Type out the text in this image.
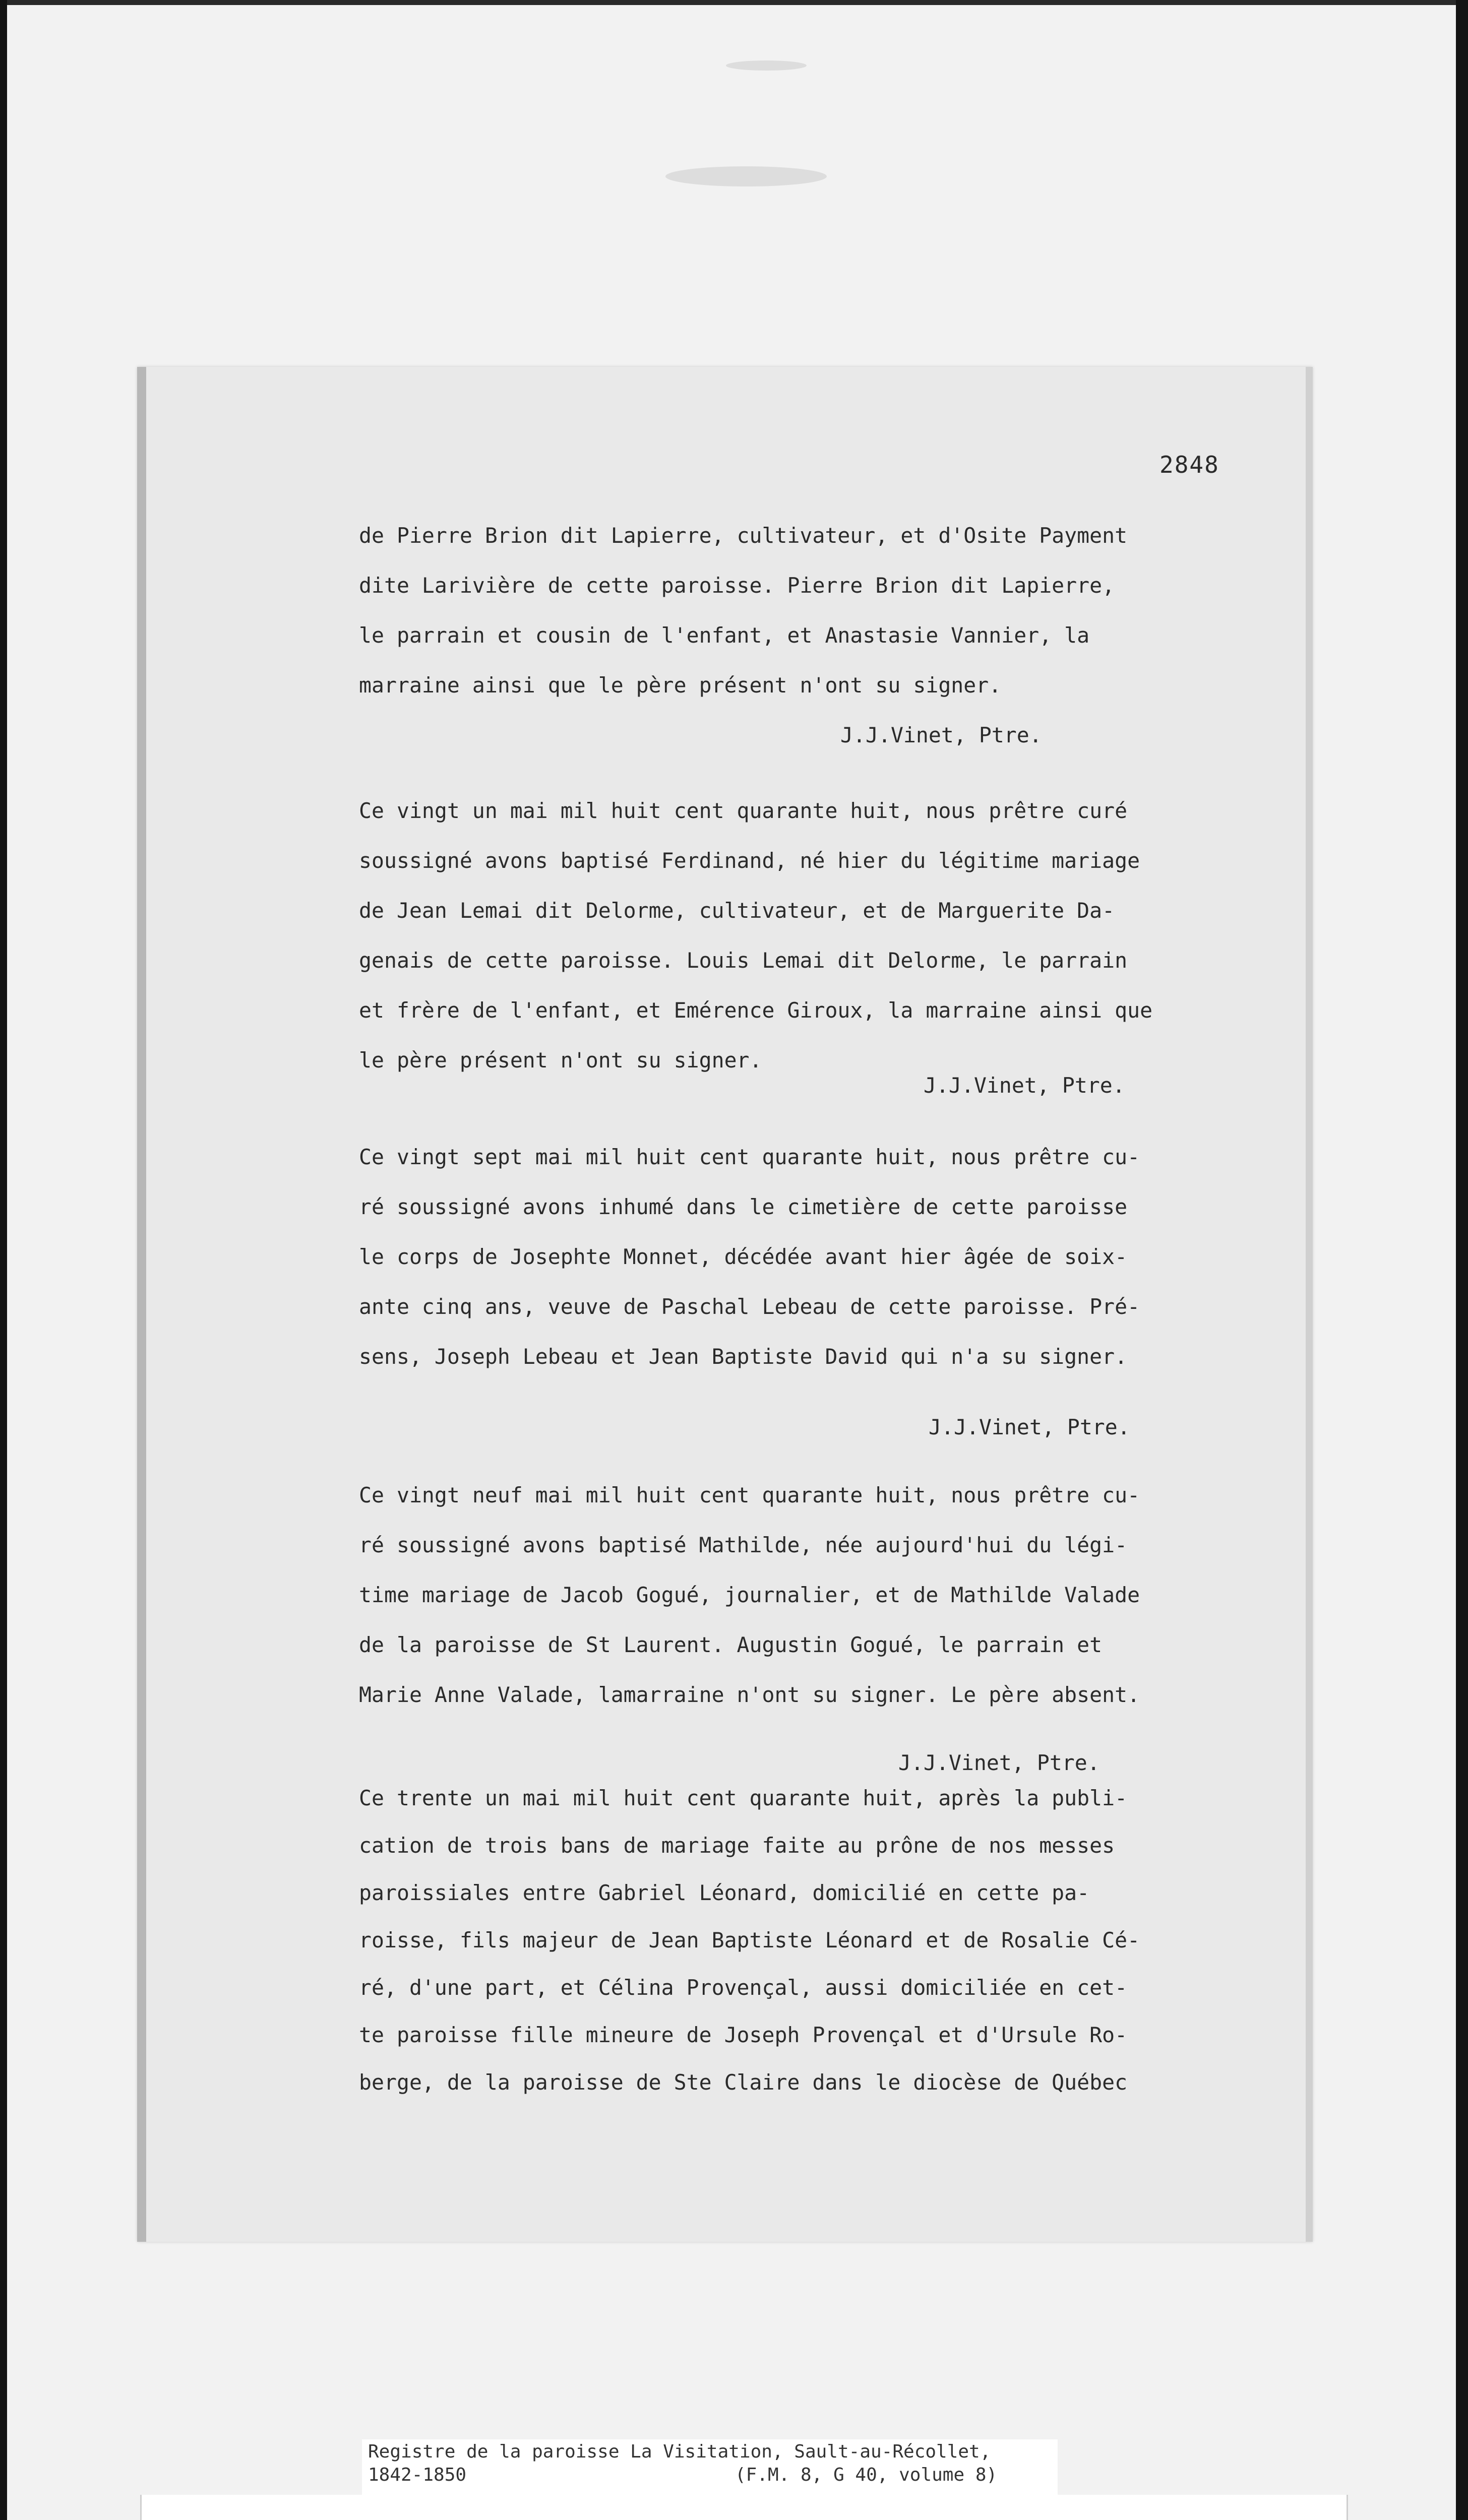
2848
de Pierre Brion dit Lapierre, cultivateur, et d'Osite Payment
dite Larivière de cette paroisse. Pierre Brion dit Lapierre,
le parrain et cousin de l'enfant, et Anastasie Vannier, la
marraine ainsi que le père présent n'ont su signer.
J.J.Vinet, Ptre.
Ce vingt un mai mil huit cent quarante huit, nous prêtre curé
soussigné avons baptisé Ferdinand, né hier du légitime mariage
de Jean Lemai dit Delorme, cultivateur, et de Marguerite Da-
genais de cette paroisse. Louis Lemai dit Delorme, le parrain
et frère de l'enfant, et Emérence Giroux, la marraine ainsi que
le père présent n'ont su signer.
J.J.Vinet, Ptre.
Ce vingt sept mai mil huit cent quarante huit, nous prêtre cu-
ré soussigné avons inhumé dans le cimetière de cette paroisse
le corps de Josephte Monnet, décédée avant hier âgée de soix-
ante cinq ans, veuve de Paschal Lebeau de cette paroisse. Pré-
sens, Joseph Lebeau et Jean Baptiste David qui n'a su signer.
J.J.Vinet, Ptre.
Ce vingt neuf mai mil huit cent quarante huit, nous prêtre cu-
ré soussigné avons baptisé Mathilde, née aujourd'hui du légi-
time mariage de Jacob Gogué, journalier, et de Mathilde Valade
de la paroisse de St Laurent. Augustin Gogué, le parrain et
Marie Anne Valade, lamarraine n'ont su signer. Le père absent.
J.J.Vinet, Ptre.
Ce trente un mai mil huit cent quarante huit, après la publi-
cation de trois bans de mariage faite au prône de nos messes
paroissiales entre Gabriel Léonard, domicilié en cette pa-
roisse, fils majeur de Jean Baptiste Léonard et de Rosalie Cé-
ré, d'une part, et Célina Provençal, aussi domiciliée en cet-
te paroisse fille mineure de Joseph Provençal et d'Ursule Ro-
berge, de la paroisse de Ste Claire dans le diocèse de Québec
Registre de la paroisse La Visitation, Sault-au-Récollet,
1842-1850	(F.M. 8, G 40, volume 8)
